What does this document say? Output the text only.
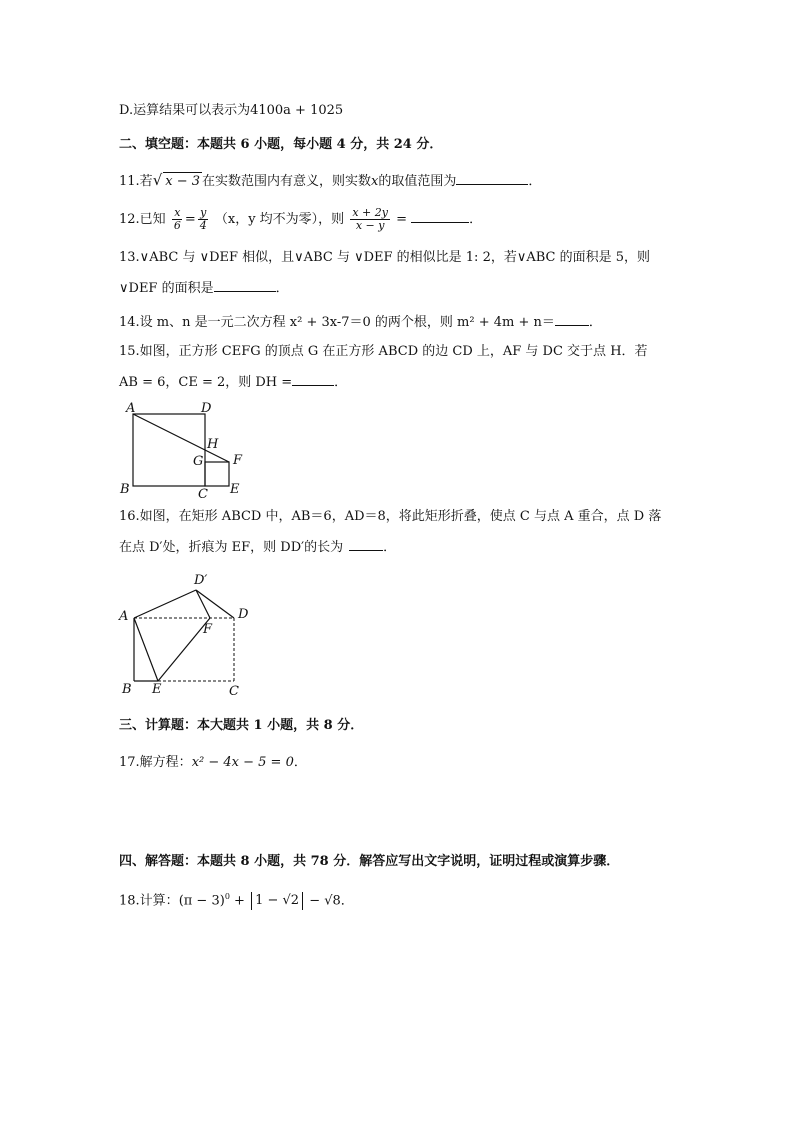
D.运算结果可以表示为4100a + 1025
二、填空题：本题共 6 小题，每小题 4 分，共 24 分．
11.若√ x − 3 在实数范围内有意义，则实数x的取值范围为	．
12.已知 $\frac{x}{6} = \frac{y}{4} (x$，y 均不为零），则 $\frac{x + 2y}{x - y}$ =	．
13.∨ABC 与 ∨DEF 相似，且∨ABC 与 ∨DEF 的相似比是 1: 2，若∨ABC 的面积是 5，则
∨DEF 的面积是	．
14.设 m、n 是一元二次方程 x² + 3x-7＝0 的两个根，则 m² + 4m + n＝	．
15.如图，正方形 CEFG 的顶点 G 在正方形 ABCD 的边 CD 上，AF 与 DC 交于点 H．若
AB = 6，CE = 2，则 DH =	．
A	D
H
G F
B	C E
16.如图，在矩形 ABCD 中，AB＝6，AD＝8，将此矩形折叠，使点 C 与点 A 重合，点 D 落
在点 D′处，折痕为 EF，则 DD′的长为	．
D′
A	D
F
B E	C
三、计算题：本大题共 1 小题，共 8 分．
17.解方程：x² − 4x − 5 = 0．
四、解答题：本题共 8 小题，共 78 分．解答应写出文字说明，证明过程或演算步骤．
18.计算：$(\pi - 3)^0 + 1 - √2 - √8$．
